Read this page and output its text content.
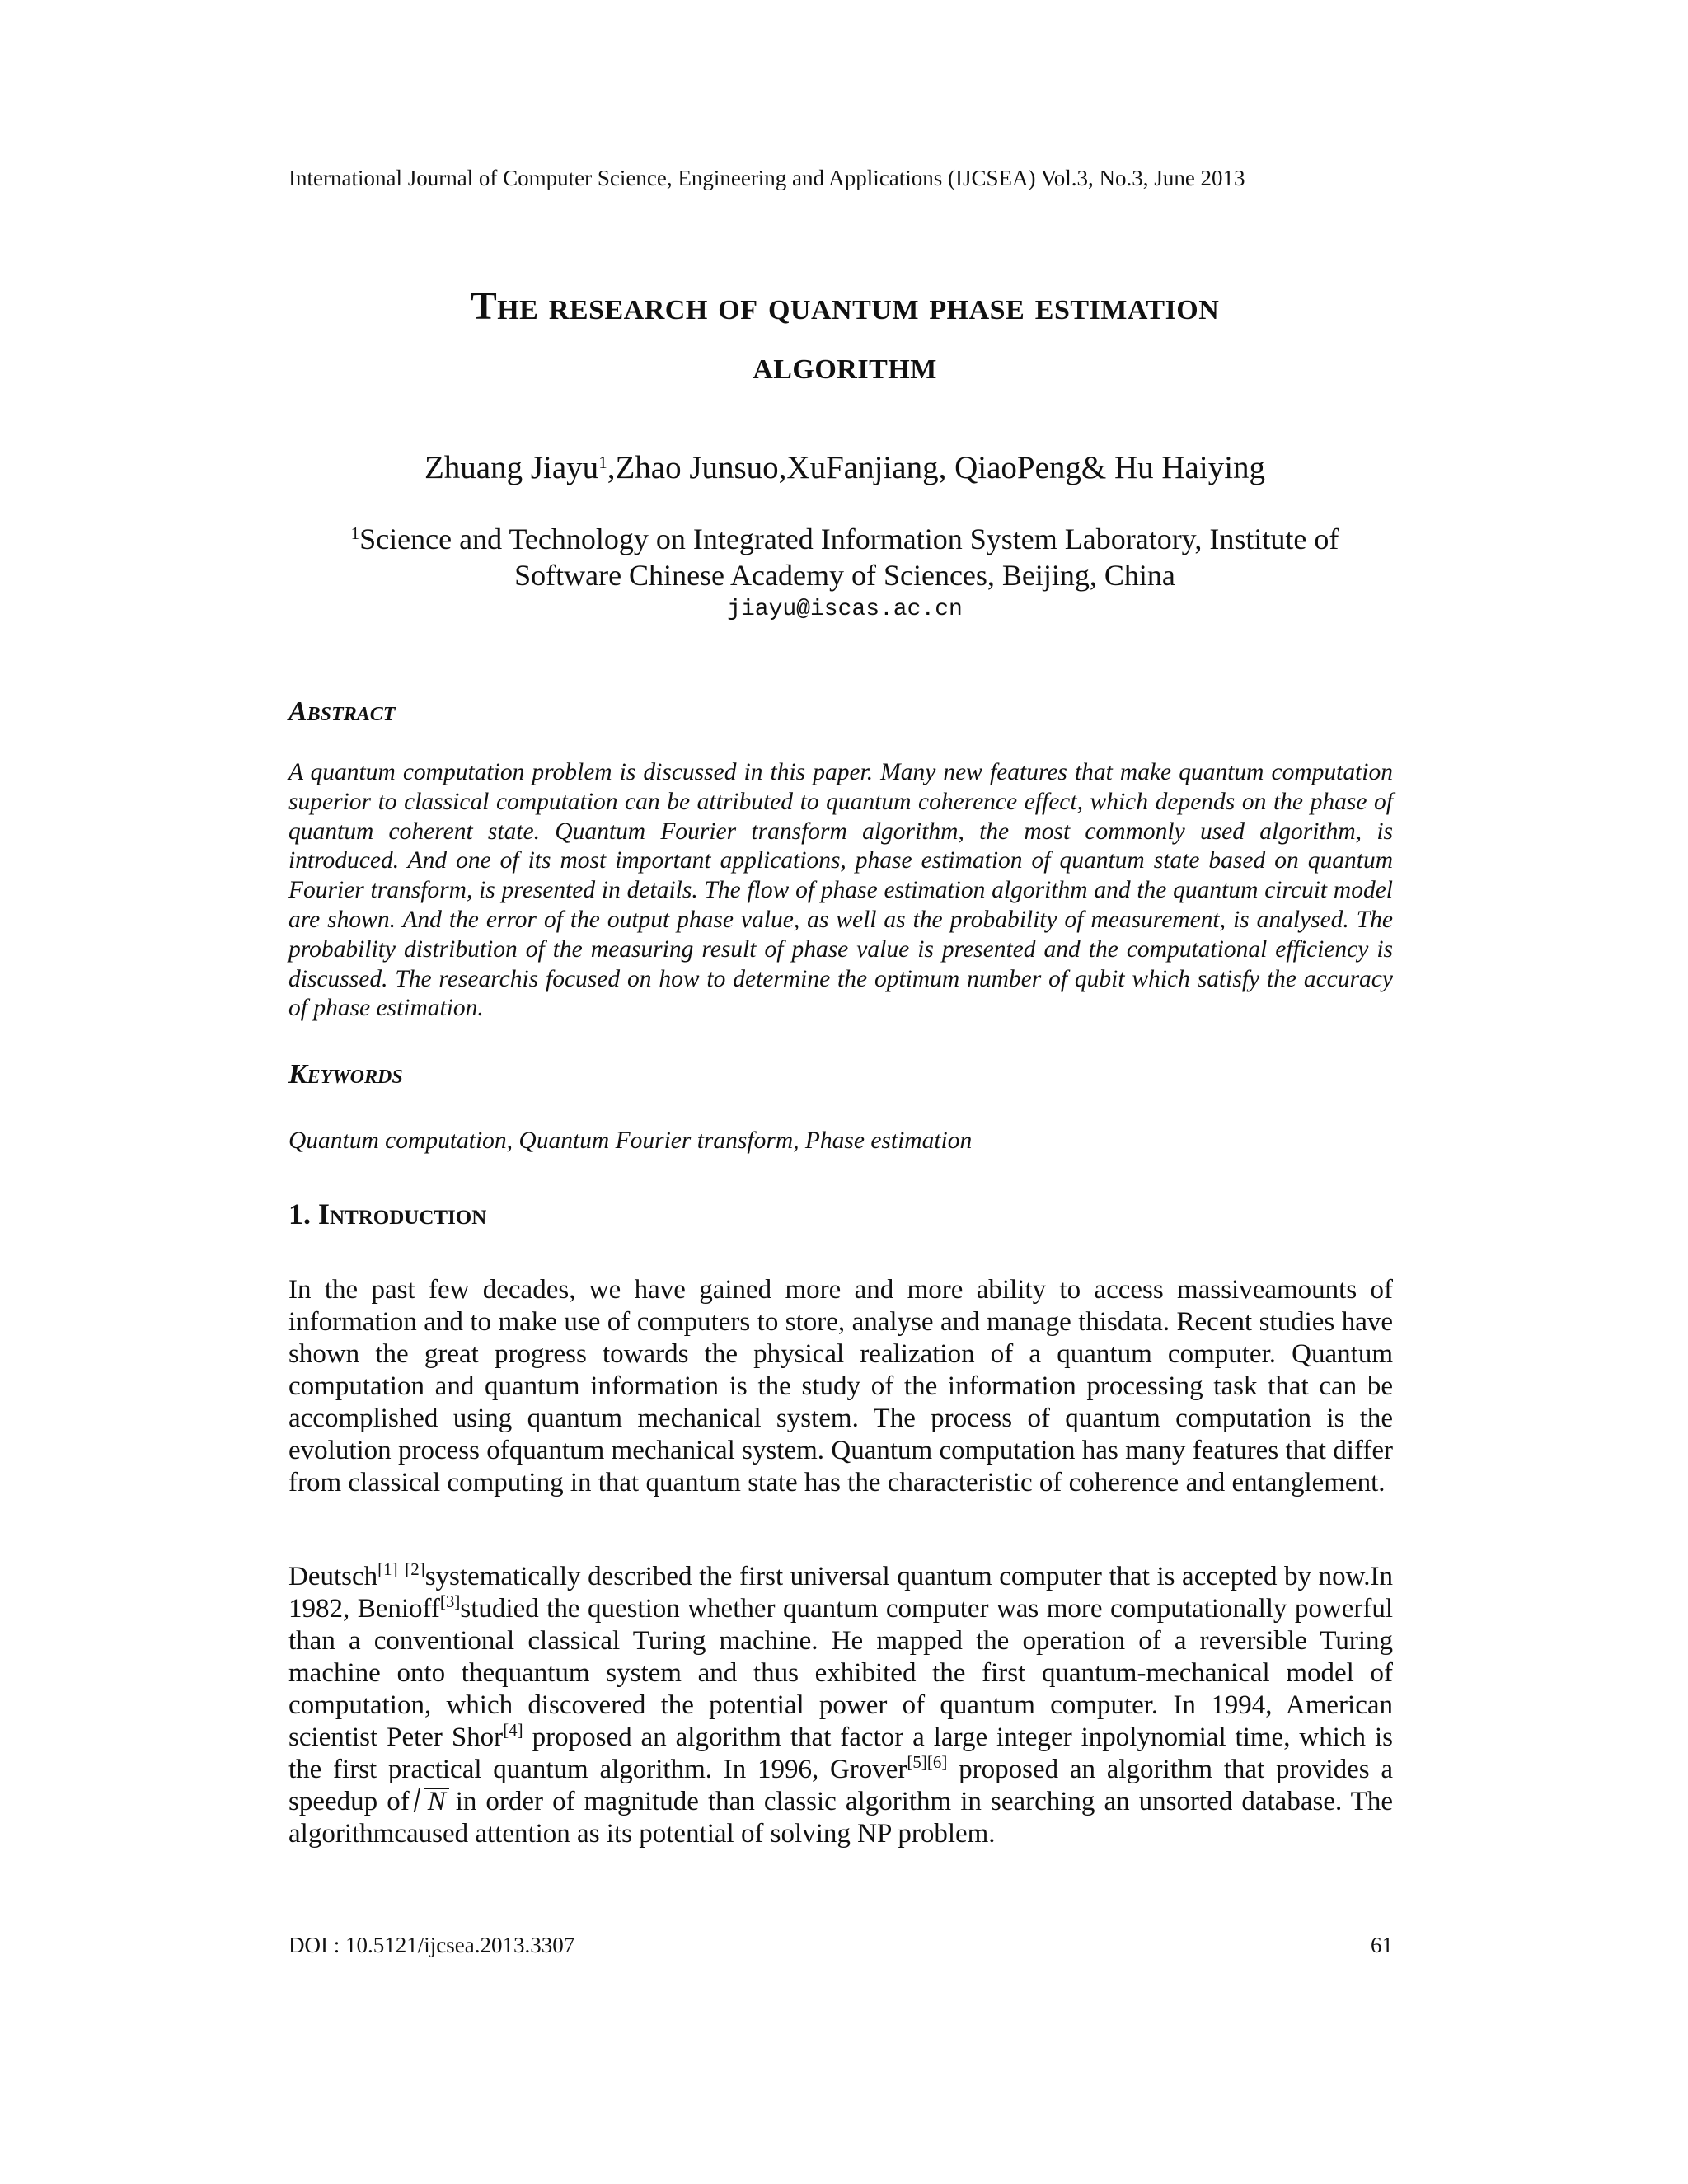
International Journal of Computer Science, Engineering and Applications (IJCSEA) Vol.3, No.3, June 2013
The research of quantum phase estimation
algorithm
Zhuang Jiayu$^1$,Zhao Junsuo,XuFanjiang, QiaoPeng& Hu Haiying
$^1$Science and Technology on Integrated Information System Laboratory, Institute of
Software Chinese Academy of Sciences, Beijing, China
jiayu@iscas.ac.cn
Abstract
A quantum computation problem is discussed in this paper. Many new features that make quantum computation superior to classical computation can be attributed to quantum coherence effect, which depends on the phase of quantum coherent state. Quantum Fourier transform algorithm, the most commonly used algorithm, is introduced. And one of its most important applications, phase estimation of quantum state based on quantum Fourier transform, is presented in details. The flow of phase estimation algorithm and the quantum circuit model are shown. And the error of the output phase value, as well as the probability of measurement, is analysed. The probability distribution of the measuring result of phase value is presented and the computational efficiency is discussed. The researchis focused on how to determine the optimum number of qubit which satisfy the accuracy of phase estimation.
Keywords
Quantum computation, Quantum Fourier transform, Phase estimation
1. Introduction
In the past few decades, we have gained more and more ability to access massiveamounts of information and to make use of computers to store, analyse and manage thisdata. Recent studies have shown the great progress towards the physical realization of a quantum computer. Quantum computation and quantum information is the study of the information processing task that can be accomplished using quantum mechanical system. The process of quantum computation is the evolution process ofquantum mechanical system. Quantum computation has many features that differ from classical computing in that quantum state has the characteristic of coherence and entanglement.
Deutsch[1] [2]systematically described the first universal quantum computer that is accepted by now.In 1982, Benioff[3]studied the question whether quantum computer was more computationally powerful than a conventional classical Turing machine. He mapped the operation of a reversible Turing machine onto thequantum system and thus exhibited the first quantum-mechanical model of computation, which discovered the potential power of quantum computer. In 1994, American scientist Peter Shor[4] proposed an algorithm that factor a large integer inpolynomial time, which is the first practical quantum algorithm. In 1996, Grover[5][6] proposed an algorithm that provides a speedup of N in order of magnitude than classic algorithm in searching an unsorted database. The algorithmcaused attention as its potential of solving NP problem.
DOI : 10.5121/ijcsea.2013.3307	61
